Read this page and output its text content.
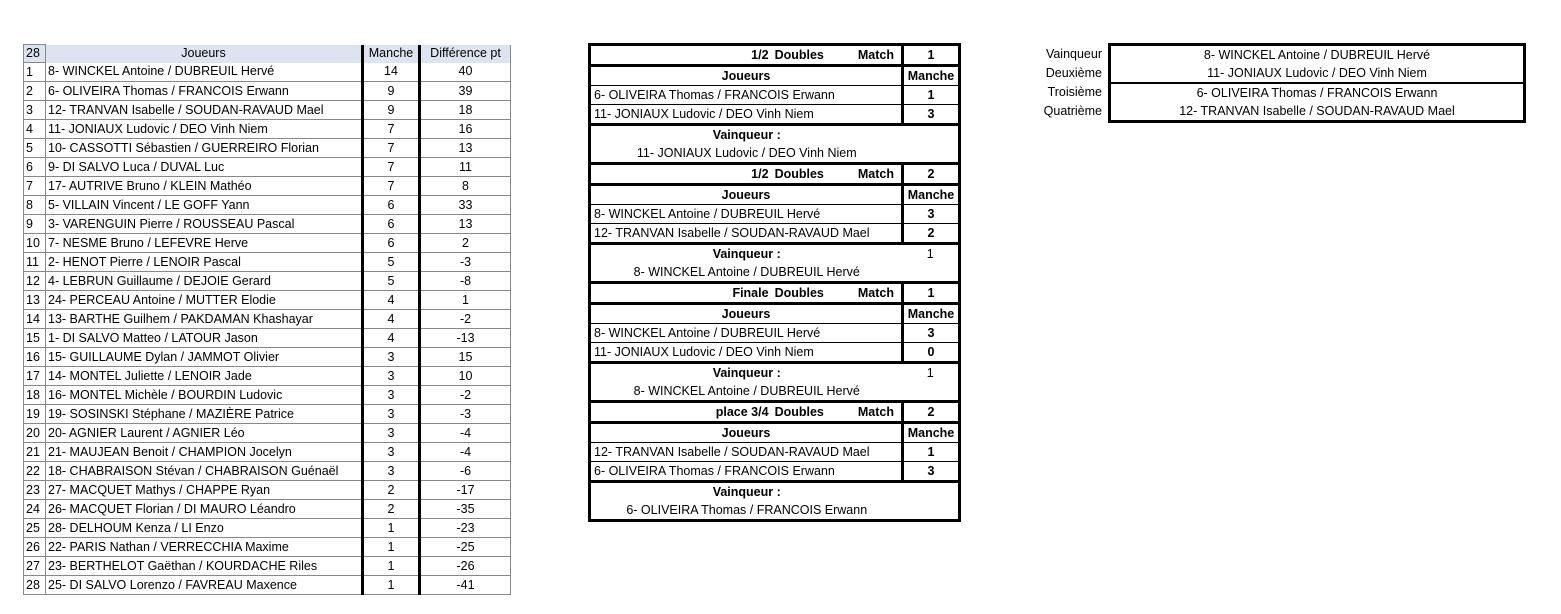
28	Joueurs	Manche	Différence pt
1	8- WINCKEL Antoine / DUBREUIL Hervé	14	40
2	6- OLIVEIRA Thomas / FRANCOIS Erwann	9	39
3	12- TRANVAN Isabelle / SOUDAN-RAVAUD Mael	9	18
4	11- JONIAUX Ludovic / DEO Vinh Niem	7	16
5	10- CASSOTTI Sébastien / GUERREIRO Florian	7	13
6	9- DI SALVO Luca / DUVAL Luc	7	11
7	17- AUTRIVE Bruno / KLEIN Mathéo	7	8
8	5- VILLAIN Vincent / LE GOFF Yann	6	33
9	3- VARENGUIN Pierre / ROUSSEAU Pascal	6	13
10	7- NESME Bruno / LEFEVRE Herve	6	2
11	2- HENOT Pierre / LENOIR Pascal	5	-3
12	4- LEBRUN Guillaume / DEJOIE Gerard	5	-8
13	24- PERCEAU Antoine / MUTTER Elodie	4	1
14	13- BARTHE Guilhem / PAKDAMAN Khashayar	4	-2
15	1- DI SALVO Matteo / LATOUR Jason	4	-13
16	15- GUILLAUME Dylan / JAMMOT Olivier	3	15
17	14- MONTEL Juliette / LENOIR Jade	3	10
18	16- MONTEL Michèle / BOURDIN Ludovic	3	-2
19	19- SOSINSKI Stéphane / MAZIÈRE Patrice	3	-3
20	20- AGNIER Laurent / AGNIER Léo	3	-4
21	21- MAUJEAN Benoit / CHAMPION Jocelyn	3	-4
22	18- CHABRAISON Stévan / CHABRAISON Guénaël	3	-6
23	27- MACQUET Mathys / CHAPPE Ryan	2	-17
24	26- MACQUET Florian / DI MAURO Léandro	2	-35
25	28- DELHOUM Kenza / LI Enzo	1	-23
26	22- PARIS Nathan / VERRECCHIA Maxime	1	-25
27	23- BERTHELOT Gaëthan / KOURDACHE Riles	1	-26
28	25- DI SALVO Lorenzo / FAVREAU Maxence	1	-41
1/2 Doubles Match	1
Joueurs	Manche
6- OLIVEIRA Thomas / FRANCOIS Erwann	1
11- JONIAUX Ludovic / DEO Vinh Niem	3
Vainqueur :	
11- JONIAUX Ludovic / DEO Vinh Niem	
1/2 Doubles Match	2
Joueurs	Manche
8- WINCKEL Antoine / DUBREUIL Hervé	3
12- TRANVAN Isabelle / SOUDAN-RAVAUD Mael	2
Vainqueur :	1
8- WINCKEL Antoine / DUBREUIL Hervé	
Finale Doubles Match	1
Joueurs	Manche
8- WINCKEL Antoine / DUBREUIL Hervé	3
11- JONIAUX Ludovic / DEO Vinh Niem	0
Vainqueur :	1
8- WINCKEL Antoine / DUBREUIL Hervé	
place 3/4 Doubles Match	2
Joueurs	Manche
12- TRANVAN Isabelle / SOUDAN-RAVAUD Mael	1
6- OLIVEIRA Thomas / FRANCOIS Erwann	3
Vainqueur :	
6- OLIVEIRA Thomas / FRANCOIS Erwann	
Vainqueur	8- WINCKEL Antoine / DUBREUIL Hervé
Deuxième	11- JONIAUX Ludovic / DEO Vinh Niem
Troisième	6- OLIVEIRA Thomas / FRANCOIS Erwann
Quatrième	12- TRANVAN Isabelle / SOUDAN-RAVAUD Mael
